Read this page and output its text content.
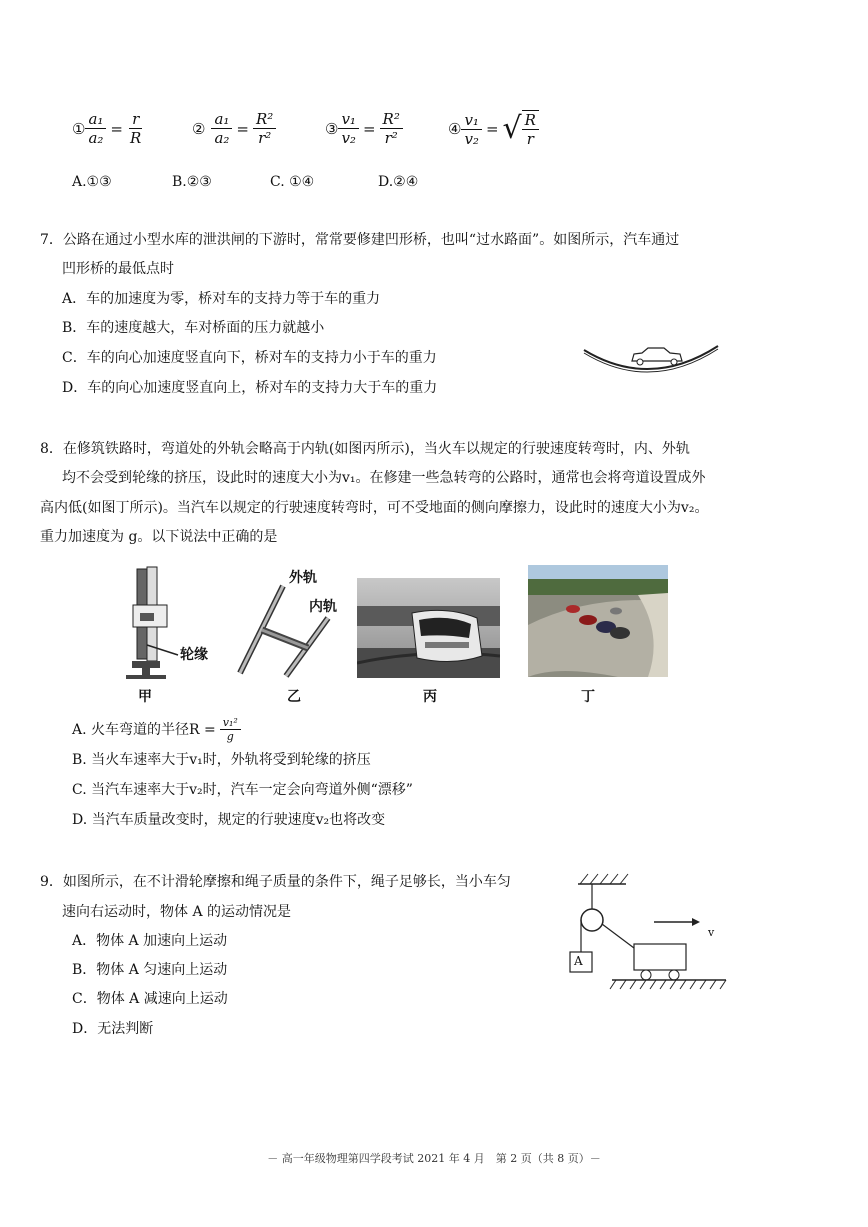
① $\frac{\text{a₁}}{\text{a₂}} = \frac{r}{R}$	② $\frac{\text{a₁}}{\text{a₂}} = \frac{\text{R²}}{\text{r²}}$	③ $\frac{\text{v₁}}{\text{v₂}} = \frac{\text{R²}}{\text{r²}}$	④ $\frac{\text{v₁}}{\text{v₂}}$ = √ $\frac{R}{r}$
A.①③	B.②③	C. ①④	D.②④
7．公路在通过小型水库的泄洪闸的下游时，常常要修建凹形桥，也叫“过水路面”。如图所示，汽车通过
凹形桥的最低点时
A．车的加速度为零，桥对车的支持力等于车的重力
B．车的速度越大，车对桥面的压力就越小
C．车的向心加速度竖直向下，桥对车的支持力小于车的重力
D．车的向心加速度竖直向上，桥对车的支持力大于车的重力
8．在修筑铁路时，弯道处的外轨会略高于内轨(如图丙所示)，当火车以规定的行驶速度转弯时，内、外轨
均不会受到轮缘的挤压，设此时的速度大小为v₁。在修建一些急转弯的公路时，通常也会将弯道设置成外
高内低(如图丁所示)。当汽车以规定的行驶速度转弯时，可不受地面的侧向摩擦力，设此时的速度大小为v₂。
重力加速度为 g。以下说法中正确的是
轮缘
外轨
内轨
甲	乙	丙	丁
A. 火车弯道的半径$R = \frac{\text{v₁²}}{g}$
B. 当火车速率大于v₁时，外轨将受到轮缘的挤压
C. 当汽车速率大于v₂时，汽车一定会向弯道外侧“漂移”
D. 当汽车质量改变时，规定的行驶速度v₂也将改变
9．如图所示，在不计滑轮摩擦和绳子质量的条件下，绳子足够长，当小车匀
速向右运动时，物体 A 的运动情况是
A．物体 A 加速向上运动
B．物体 A 匀速向上运动
C．物体 A 减速向上运动
D．无法判断
A
v
－ 高一年级物理第四学段考试 2021 年 4 月　第 2 页（共 8 页）－
